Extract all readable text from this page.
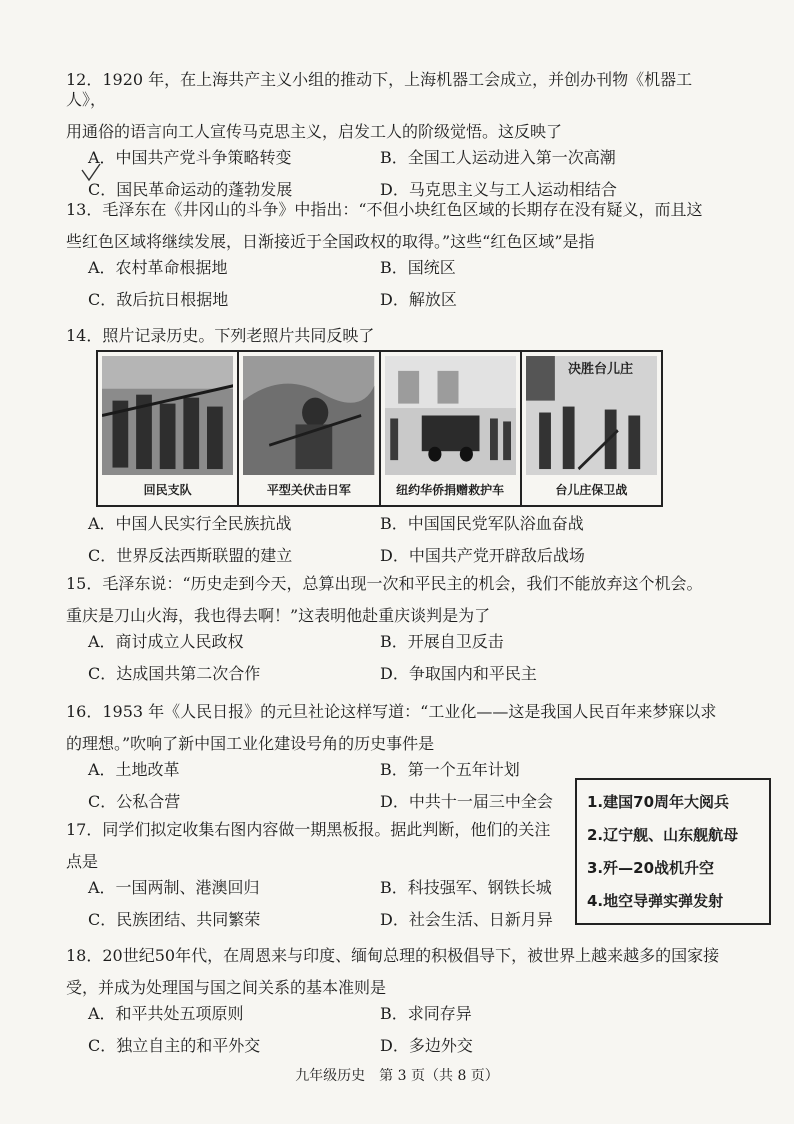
12．1920 年，在上海共产主义小组的推动下，上海机器工会成立，并创办刊物《机器工人》，

用通俗的语言向工人宣传马克思主义，启发工人的阶级觉悟。这反映了

A．中国共产党斗争策略转变	B．全国工人运动进入第一次高潮
C．国民革命运动的蓬勃发展	D．马克思主义与工人运动相结合

13．毛泽东在《井冈山的斗争》中指出：“不但小块红色区域的长期存在没有疑义，而且这

些红色区域将继续发展，日渐接近于全国政权的取得。”这些“红色区域”是指

A．农村革命根据地	B．国统区
C．敌后抗日根据地	D．解放区

14．照片记录历史。下列老照片共同反映了

回民支队	平型关伏击日军	纽约华侨捐赠救护车	台儿庄保卫战
决胜台儿庄
A．中国人民实行全民族抗战	B．中国国民党军队浴血奋战
C．世界反法西斯联盟的建立	D．中国共产党开辟敌后战场

15．毛泽东说：“历史走到今天，总算出现一次和平民主的机会，我们不能放弃这个机会。

重庆是刀山火海，我也得去啊！”这表明他赴重庆谈判是为了

A．商讨成立人民政权	B．开展自卫反击
C．达成国共第二次合作	D．争取国内和平民主

16．1953 年《人民日报》的元旦社论这样写道：“工业化——这是我国人民百年来梦寐以求

的理想。”吹响了新中国工业化建设号角的历史事件是

A．土地改革	B．第一个五年计划
C．公私合营	D．中共十一届三中全会

17．同学们拟定收集右图内容做一期黑板报。据此判断，他们的关注

点是

A．一国两制、港澳回归	B．科技强军、钢铁长城
C．民族团结、共同繁荣	D．社会生活、日新月异
1.建国70周年大阅兵
2.辽宁舰、山东舰航母
3.歼—20战机升空
4.地空导弹实弹发射

18．20世纪50年代，在周恩来与印度、缅甸总理的积极倡导下，被世界上越来越多的国家接

受，并成为处理国与国之间关系的基本准则是

A．和平共处五项原则	B．求同存异
C．独立自主的和平外交	D．多边外交
九年级历史　第 3 页（共 8 页）
